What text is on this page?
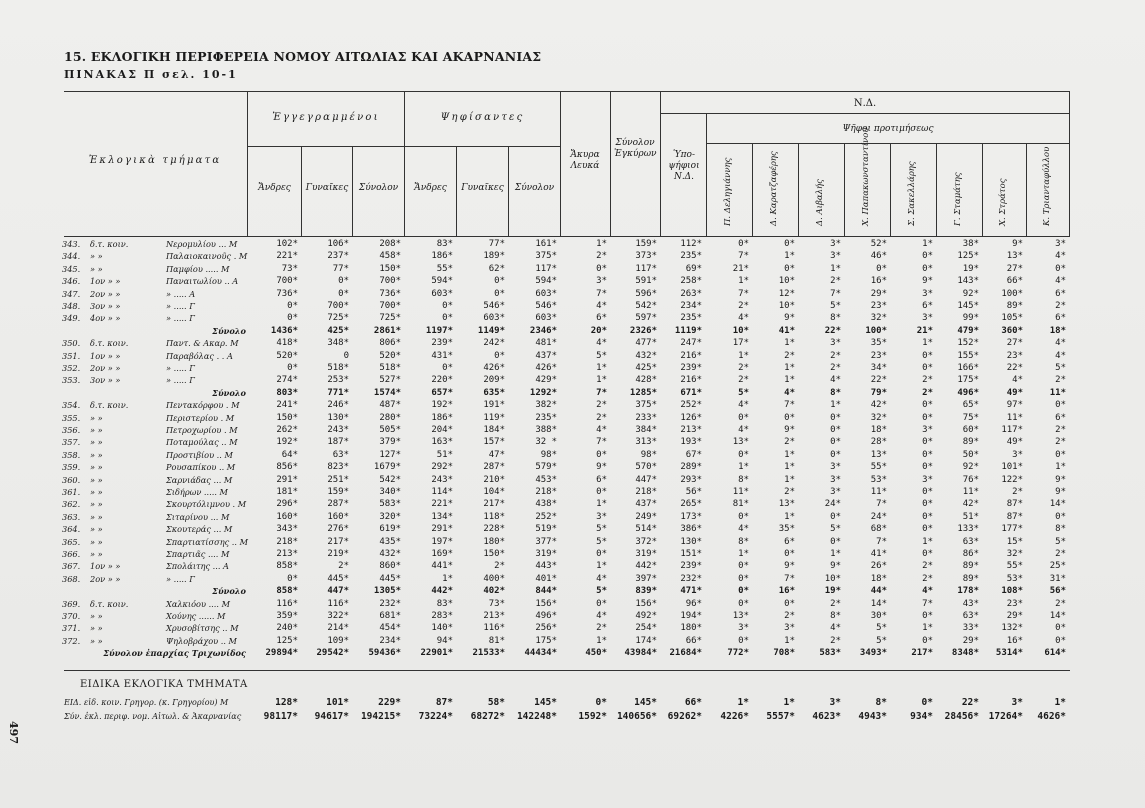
15. ΕΚΛΟΓΙΚΗ ΠΕΡΙΦΕΡΕΙΑ ΝΟΜΟΥ ΑΙΤΩΛΙΑΣ ΚΑΙ ΑΚΑΡΝΑΝΙΑΣ
ΠΙΝΑΚΑΣ Π σελ. 10-1
497
Ἐκλογικὰ τμήματα
Ἐγγεγραμμένοι	Ψηφίσαντες
Ἄνδρες	Γυναῖκες	Σύνολον	Ἄνδρες	Γυναῖκες	Σύνολον
Ἄκυρα Λευκά
Σύνολον Ἐγκύρων
Ν.Δ.
Ὑπο-ψήφιοι Ν.Δ.
Ψῆφοι προτιμήσεως
Π. Δεληγιάννης	Δ. Καρατζαφέρης	Δ. Αιβαλής	Χ. Παπακωνσταντίνου	Σ. Σακελλάρης	Γ. Σταμάτης	Χ. Στράτος	Κ. Τριανταφύλλου
343. δ.τ. κοιν.	Νερομυλίου ... Μ	102*	106*	208*	83*	77*	161*	1*	159*	112*	0*	0*	3*	52*	1*	38*	9*	3*
344. » »	Παλαιοκαινοῦς . Μ	221*	237*	458*	186*	189*	375*	2*	373*	235*	7*	1*	3*	46*	0*	125*	13*	4*
345. » »	Παμφίου ..... Μ	73*	77*	150*	55*	62*	117*	0*	117*	69*	21*	0*	1*	0*	0*	19*	27*	0*
346. 1ον » »	Παναιτωλίου .. Α	700*	0*	700*	594*	0*	594*	3*	591*	258*	1*	10*	2*	16*	9*	143*	66*	4*
347. 2ον » »	» ..... Α	736*	0*	736*	603*	0*	603*	7*	596*	263*	7*	12*	7*	29*	3*	92* 100*	6*
348. 3ον » »	» ..... Γ	0*	700*	700*	0*	546*	546*	4*	542*	234*	2*	10*	5*	23*	6*	145*	89*	2*
349. 4ον » »	» ..... Γ	0*	725*	725*	0*	603*	603*	6*	597*	235*	4*	9*	8*	32*	3*	99* 105*	6*
Σύνολο	1436*	425*	2861*	1197*	1149*	2346*	20*	2326* 1119*	10*	41*	22*	100*	21*	479* 360*	18*
350. δ.τ. κοιν.	Παντ. & Ακαρ. Μ	418*	348*	806*	239*	242*	481*	4*	477*	247*	17*	1*	3*	35*	1*	152*	27*	4*
351. 1ον » »	Παραβόλας . . Α	520*	0	520*	431*	0*	437*	5*	432*	216*	1*	2*	2*	23*	0*	155*	23*	4*
352. 2ον » »	» ..... Γ	0*	518*	518*	0*	426*	426*	1*	425*	239*	2*	1*	2*	34*	0*	166*	22*	5*
353. 3ον » »	» ..... Γ	274*	253*	527*	220*	209*	429*	1*	428*	216*	2*	1*	4*	22*	2*	175*	4*	2*
Σύνολο	803*	771*	1574*	657*	635*	1292*	7*	1285*	671*	5*	4*	8*	79*	2*	496*	49*	11*
354. δ.τ. κοιν.	Πεντακόρφου . Μ	241*	246*	487*	192*	191*	382*	2*	375*	252*	4*	7*	1*	42*	0*	65*	97*	0*
355. » »	Περιστερίου . Μ	150*	130*	280*	186*	119*	235*	2*	233*	126*	0*	0*	0*	32*	0*	75*	11*	6*
356. » »	Πετροχωρίου . Μ	262*	243*	505*	204*	184*	388*	4*	384*	213*	4*	9*	0*	18*	3*	60* 117*	2*
357. » »	Ποταμούλας .. Μ	192*	187*	379*	163*	157*	32 *	7*	313*	193*	13*	2*	0*	28*	0*	89*	49*	2*
358. » »	Προστιβίου .. Μ	64*	63*	127*	51*	47*	98*	0*	98*	67*	0*	1*	0*	13*	0*	50*	3*	0*
359. » »	Ρουσαπίκου .. Μ	856*	823*	1679*	292*	287*	579*	9*	570*	289*	1*	1*	3*	55*	0*	92* 101*	1*
360. » »	Σαρνιάδας ... Μ	291*	251*	542*	243*	210*	453*	6*	447*	293*	8*	1*	3*	53*	3*	76* 122*	9*
361. » »	Σιδήρων ..... Μ	181*	159*	340*	114*	104*	218*	0*	218*	56*	11*	2*	3*	11*	0*	11*	2*	9*
362. » »	Σκουρτόλιμνου . Μ	296*	287*	583*	221*	217*	438*	1*	437*	265*	81*	13*	24*	7*	0*	42*	87*	14*
363. » »	Σιταρίνου ... Μ	160*	160*	320*	134*	118*	252*	3*	249*	173*	0*	1*	0*	24*	0*	51*	87*	0*
364. » »	Σκουτεράς ... Μ	343*	276*	619*	291*	228*	519*	5*	514*	386*	4*	35*	5*	68*	0*	133* 177*	8*
365. » »	Σπαρτιατίσσης .. Μ	218*	217*	435*	197*	180*	377*	5*	372*	130*	8*	6*	0*	7*	1*	63*	15*	5*
366. » »	Σπαρτιᾶς .... Μ	213*	219*	432*	169*	150*	319*	0*	319*	151*	1*	0*	1*	41*	0*	86*	32*	2*
367. 1ον » »	Σπολάιτης ... Α	858*	2*	860*	441*	2*	443*	1*	442*	239*	0*	9*	9*	26*	2*	89*	55*	25*
368. 2ον » »	» ..... Γ	0*	445*	445*	1*	400*	401*	4*	397*	232*	0*	7*	10*	18*	2*	89*	53*	31*
Σύνολο	858*	447*	1305*	442*	402*	844*	5*	839*	471*	0*	16*	19*	44*	4*	178* 108*	56*
369. δ.τ. κοιν.	Χαλκιόου .... Μ	116*	116*	232*	83*	73*	156*	0*	156*	96*	0*	0*	2*	14*	7*	43*	23*	2*
370. » »	Χούνης ...... Μ	359*	322*	681*	283*	213*	496*	4*	492*	194*	13*	2*	8*	30*	0*	63*	29*	14*
371. » »	Χρυσοβίτσης .. Μ	240*	214*	454*	140*	116*	256*	2*	254*	180*	3*	3*	4*	5*	1*	33* 132*	0*
372. » »	Ψηλοβράχου .. Μ	125*	109*	234*	94*	81*	175*	1*	174*	66*	0*	1*	2*	5*	0*	29*	16*	0*
Σύνολον ἐπαρχίας Τριχωνίδος 29894* 29542* 59436* 22901* 21533* 44434*	450* 43984* 21684*	772*	708*	583* 3493*	217* 8348* 5314* 614*
ΕΙΔΙΚΑ ΕΚΛΟΓΙΚΑ ΤΜΗΜΑΤΑ
ΕΙΔ. εἰδ. κοιν. Γρηγορ. (κ. Γρηγορίου) Μ	128*	101*	229*	87*	58*	145*	0*	145*	66*	1*	1*	3*	8*	0*	22*	3*	1*
Σύν. ἐκλ. περιφ. νομ. Αἰτωλ. & Ἀκαρνανίας 98117* 94617* 194215* 73224* 68272* 142248* 1592* 140656* 69262* 4226* 5557* 4623* 4943* 934* 28456* 17264* 4626*
